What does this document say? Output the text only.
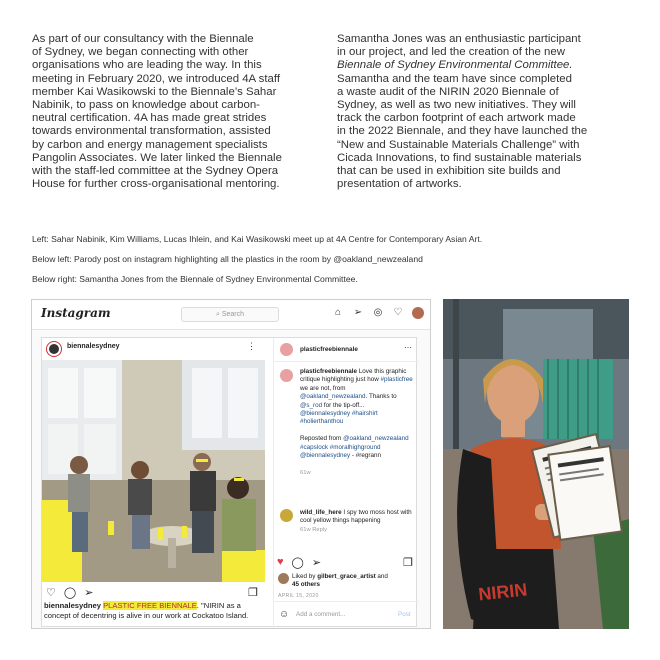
As part of our consultancy with the Biennale

of Sydney, we began connecting with other

organisations who are leading the way. In this

meeting in February 2020, we introduced 4A staff

member Kai Wasikowski to the Biennale’s Sahar

Nabinik, to pass on knowledge about carbon-

neutral certification. 4A has made great strides

towards environmental transformation, assisted

by carbon and energy management specialists

Pangolin Associates. We later linked the Biennale

with the staff-led committee at the Sydney Opera

House for further cross-organisational mentoring.

Samantha Jones was an enthusiastic participant

in our project, and led the creation of the new

Biennale of Sydney Environmental Committee.

Samantha and the team have since completed

a waste audit of the NIRIN 2020 Biennale of

Sydney, as well as two new initiatives. They will

track the carbon footprint of each artwork made

in the 2022 Biennale, and they have launched the

“New and Sustainable Materials Challenge” with

Cicada Innovations, to find sustainable materials

that can be used in exhibition site builds and

presentation of artworks.

Left: Sahar Nabinik, Kim Williams, Lucas Ihlein, and Kai Wasikowski meet up at 4A Centre for Contemporary Asian Art.
Below left: Parody post on instagram highlighting all the plastics in the room by @oakland_newzealand
Below right: Samantha Jones from the Biennale of Sydney Environmental Committee.
Instagram	⌕ Search	⌂ ➢ ◎ ♡
biennalesydney	⋮
♡ ◯ ➢	❐
biennalesydney PLASTIC FREE BIENNALE. "NIRIN as a
concept of decentring is alive in our work at Cockatoo Island.
plasticfreebiennale	⋯
plasticfreebiennale Love this graphic critique highlighting just how #plasticfree we are not, from @oakland_newzealand. Thanks to @s_rod for the tip-off...
@biennalesydney #hairshirt
#holierthanthou

Reposted from @oakland_newzealand
#capslock #moralhighground
@biennalesydney - #regrann

61w
wild_life_here I spy two moss host with cool yellow things happening
61w Reply
♥ ◯ ➢	❐
Liked by gilbert_grace_artist and
45 others
APRIL 15, 2020
☺ Add a comment...	Post
NIRIN
